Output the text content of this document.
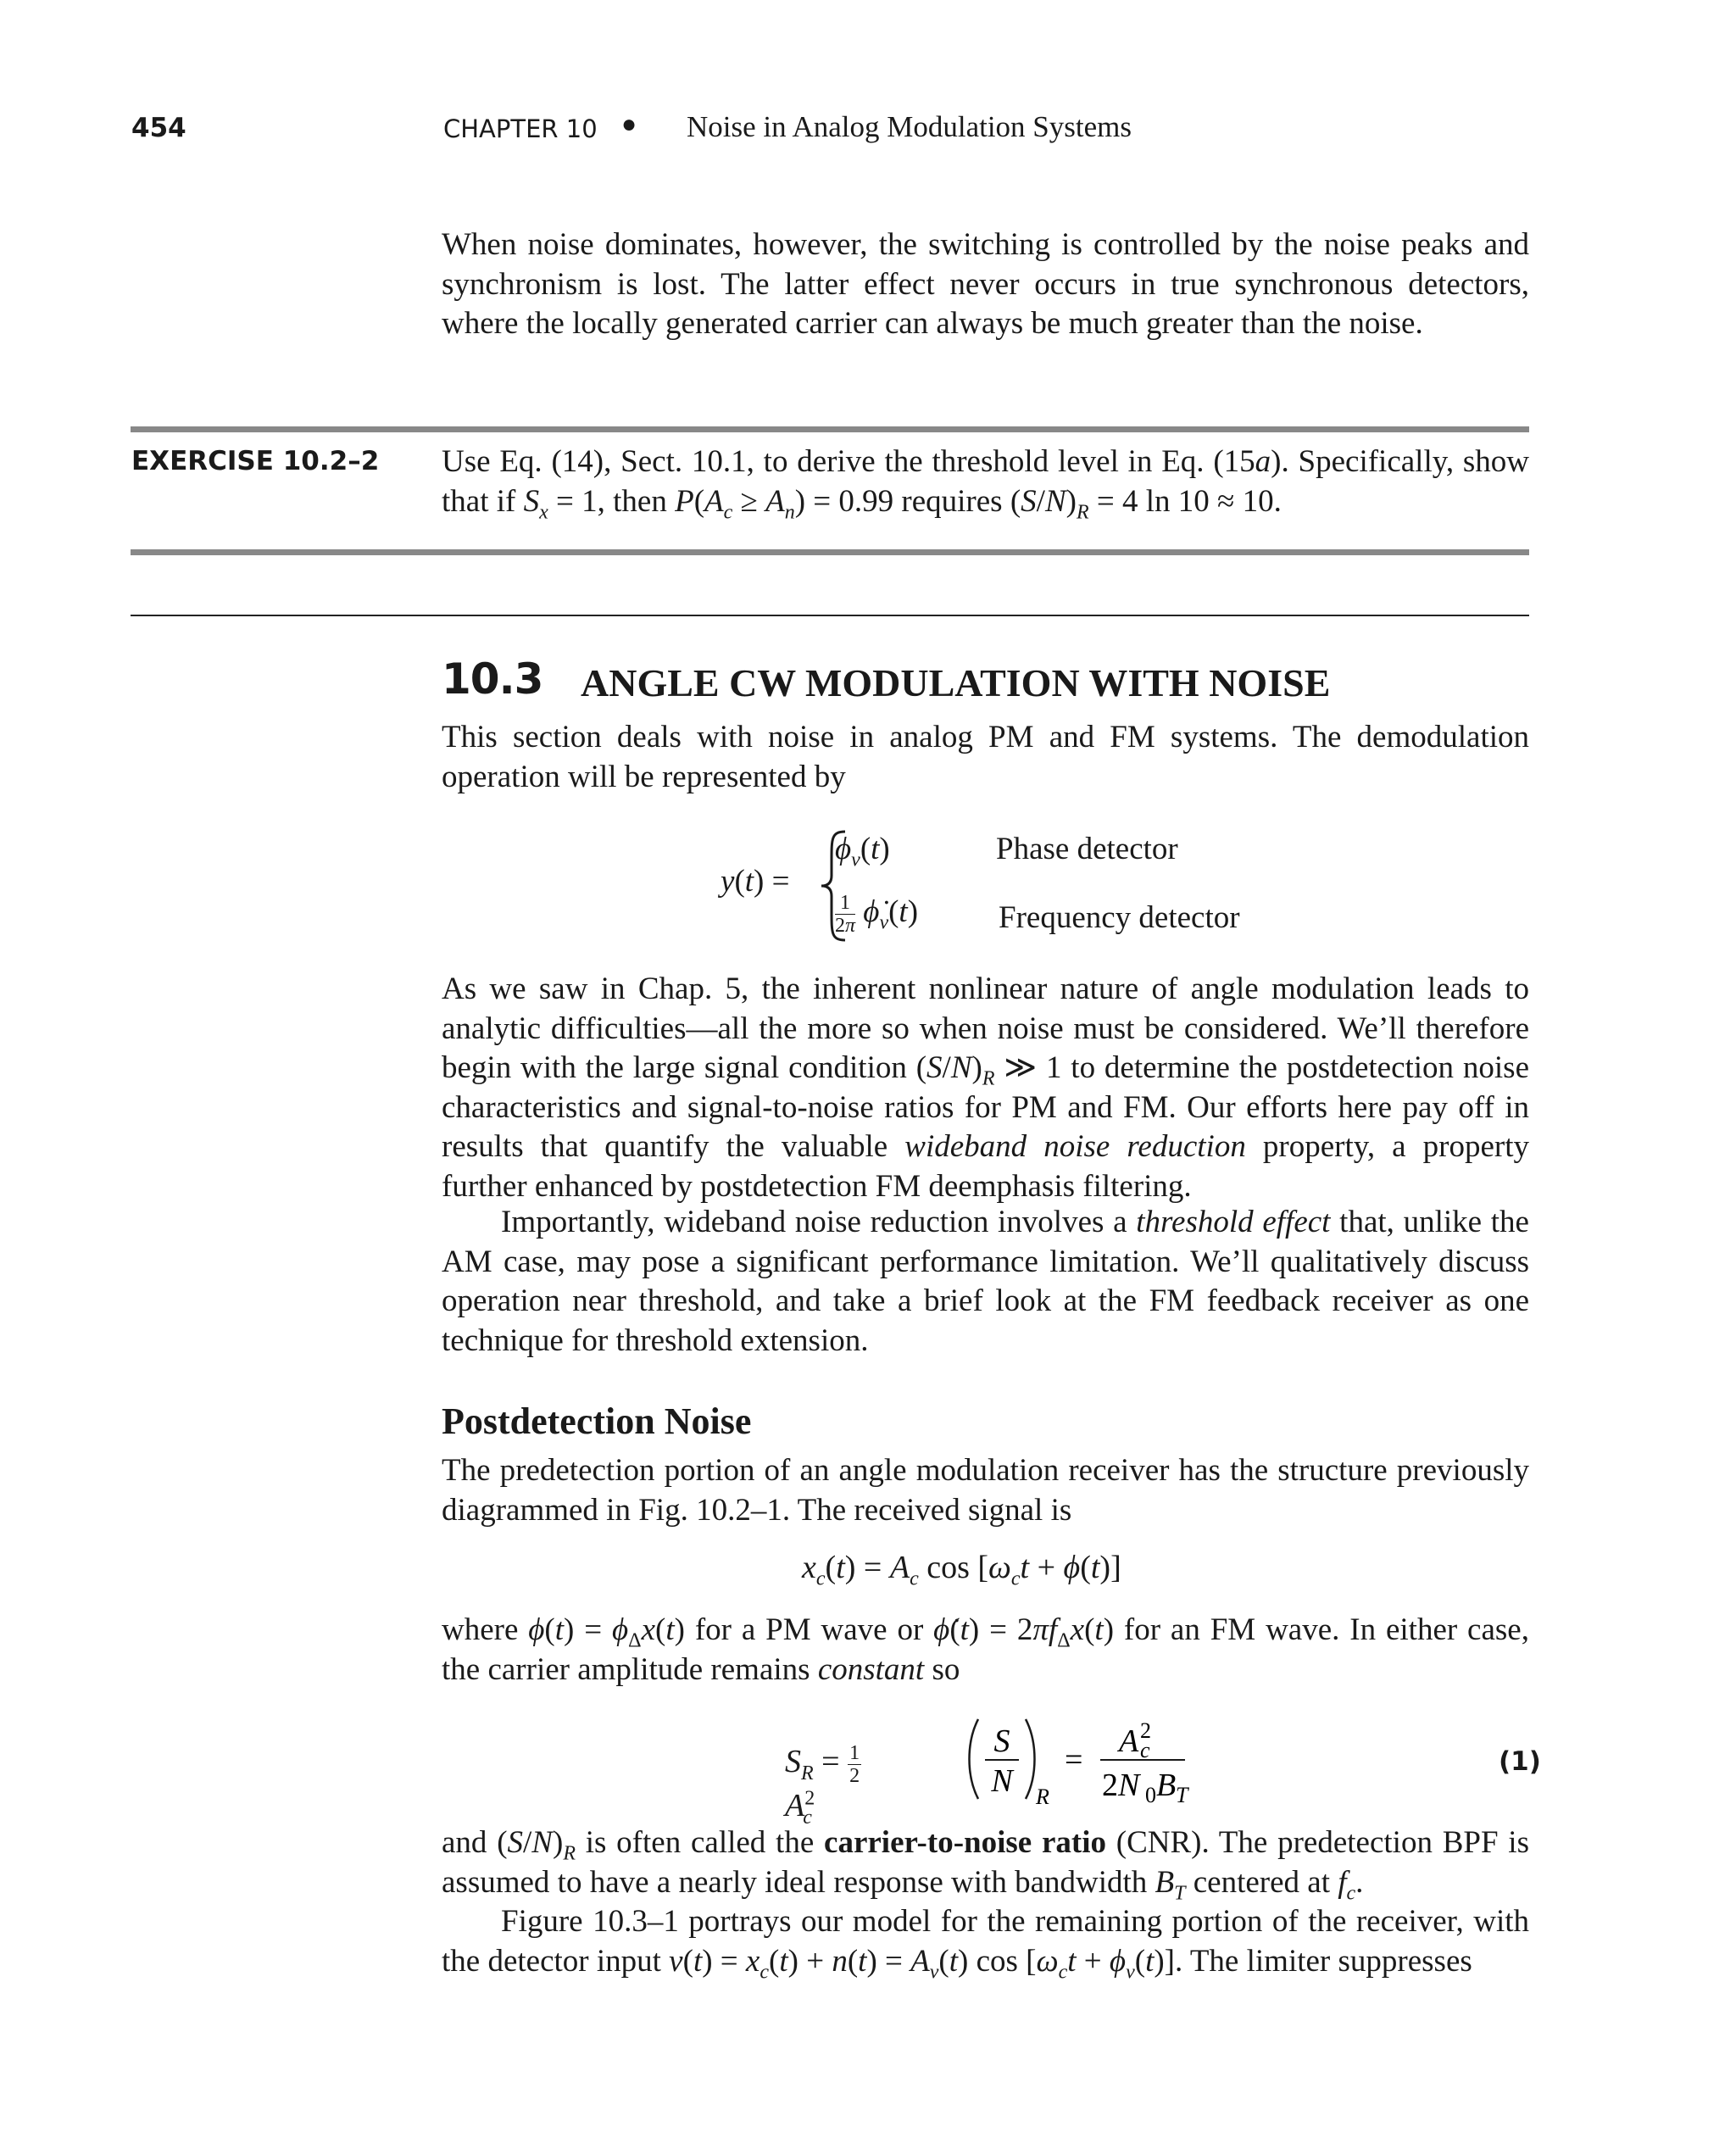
454	CHAPTER 10 ● Noise in Analog Modulation Systems

When noise dominates, however, the switching is controlled by the noise peaks and synchronism is lost. The latter effect never occurs in true synchronous detectors, where the locally generated carrier can always be much greater than the noise.

EXERCISE 10.2–2 Use Eq. (14), Sect. 10.1, to derive the threshold level in Eq. (15a). Specifically, show
that if $S_x = 1$, then $P(A_c \ge A_n) = 0.99$ requires $(S/N)_R = 4$ ln 10 ≈ 10.
10.3 ANGLE CW MODULATION WITH NOISE

This section deals with noise in analog PM and FM systems. The demodulation operation will be represented by

y(t) =
$\phi_v(t)$	Phase detector
$\frac{1}{2\pi}$ $\phi̇_v(t)$	Frequency detector

As we saw in Chap. 5, the inherent nonlinear nature of angle modulation leads to analytic difficulties—all the more so when noise must be considered. We’ll therefore begin with the large signal condition $(S/N)_R$ ≫ 1 to determine the postdetection noise characteristics and signal-to-noise ratios for PM and FM. Our efforts here pay off in results that quantify the valuable wideband noise reduction property, a property further enhanced by postdetection FM deemphasis filtering.

Importantly, wideband noise reduction involves a threshold effect that, unlike the AM case, may pose a significant performance limitation. We’ll qualitatively discuss operation near threshold, and take a brief look at the FM feedback receiver as one technique for threshold extension.

Postdetection Noise

The predetection portion of an angle modulation receiver has the structure previously diagrammed in Fig. 10.2–1. The received signal is

$x_c(t) = A_c$ $\cos [\omega_ct + \phi(t)]$

where $\phi(t) = \phi_\Delta x(t)$ for a PM wave or ϕ̇(t) = $2\pi f_\Delta x(t)$ for an FM wave. In either case, the carrier amplitude remains constant so

$S_R = \frac{1}{2}$
$A^2_c$
S
N R
=
A 2
c
2N 0 B T
(1)

and $(S/N)_R$ is often called the carrier-to-noise ratio (CNR). The predetection BPF is assumed to have a nearly ideal response with bandwidth $B_T$ centered at $f_c$.

Figure 10.3–1 portrays our model for the remaining portion of the receiver, with the detector input $v(t) = x_c(t) + n(t) = A_v(t)$ $\cos [\omega_ct + \phi_v(t)]$. The limiter suppresses
